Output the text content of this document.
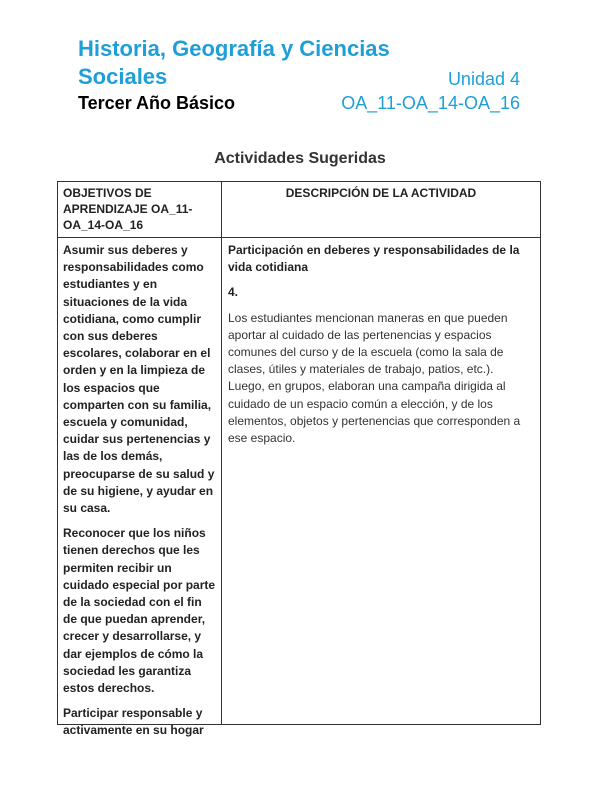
Historia, Geografía y Ciencias
Sociales	Unidad 4
Tercer Año Básico	OA_11-OA_14-OA_16
Actividades Sugeridas
OBJETIVOS DE APRENDIZAJE OA_11-OA_14-OA_16
DESCRIPCIÓN DE LA ACTIVIDAD

Asumir sus deberes y responsabilidades como estudiantes y en situaciones de la vida cotidiana, como cumplir con sus deberes escolares, colaborar en el orden y en la limpieza de los espacios que comparten con su familia, escuela y comunidad, cuidar sus pertenencias y las de los demás, preocuparse de su salud y de su higiene, y ayudar en su casa.

Reconocer que los niños tienen derechos que les permiten recibir un cuidado especial por parte de la sociedad con el fin de que puedan aprender, crecer y desarrollarse, y dar ejemplos de cómo la sociedad les garantiza estos derechos.

Participar responsable y activamente en su hogar

Participación en deberes y responsabilidades de la vida cotidiana

4.

Los estudiantes mencionan maneras en que pueden aportar al cuidado de las pertenencias y espacios comunes del curso y de la escuela (como la sala de clases, útiles y materiales de trabajo, patios, etc.). Luego, en grupos, elaboran una campaña dirigida al cuidado de un espacio común a elección, y de los elementos, objetos y pertenencias que corresponden a ese espacio.
